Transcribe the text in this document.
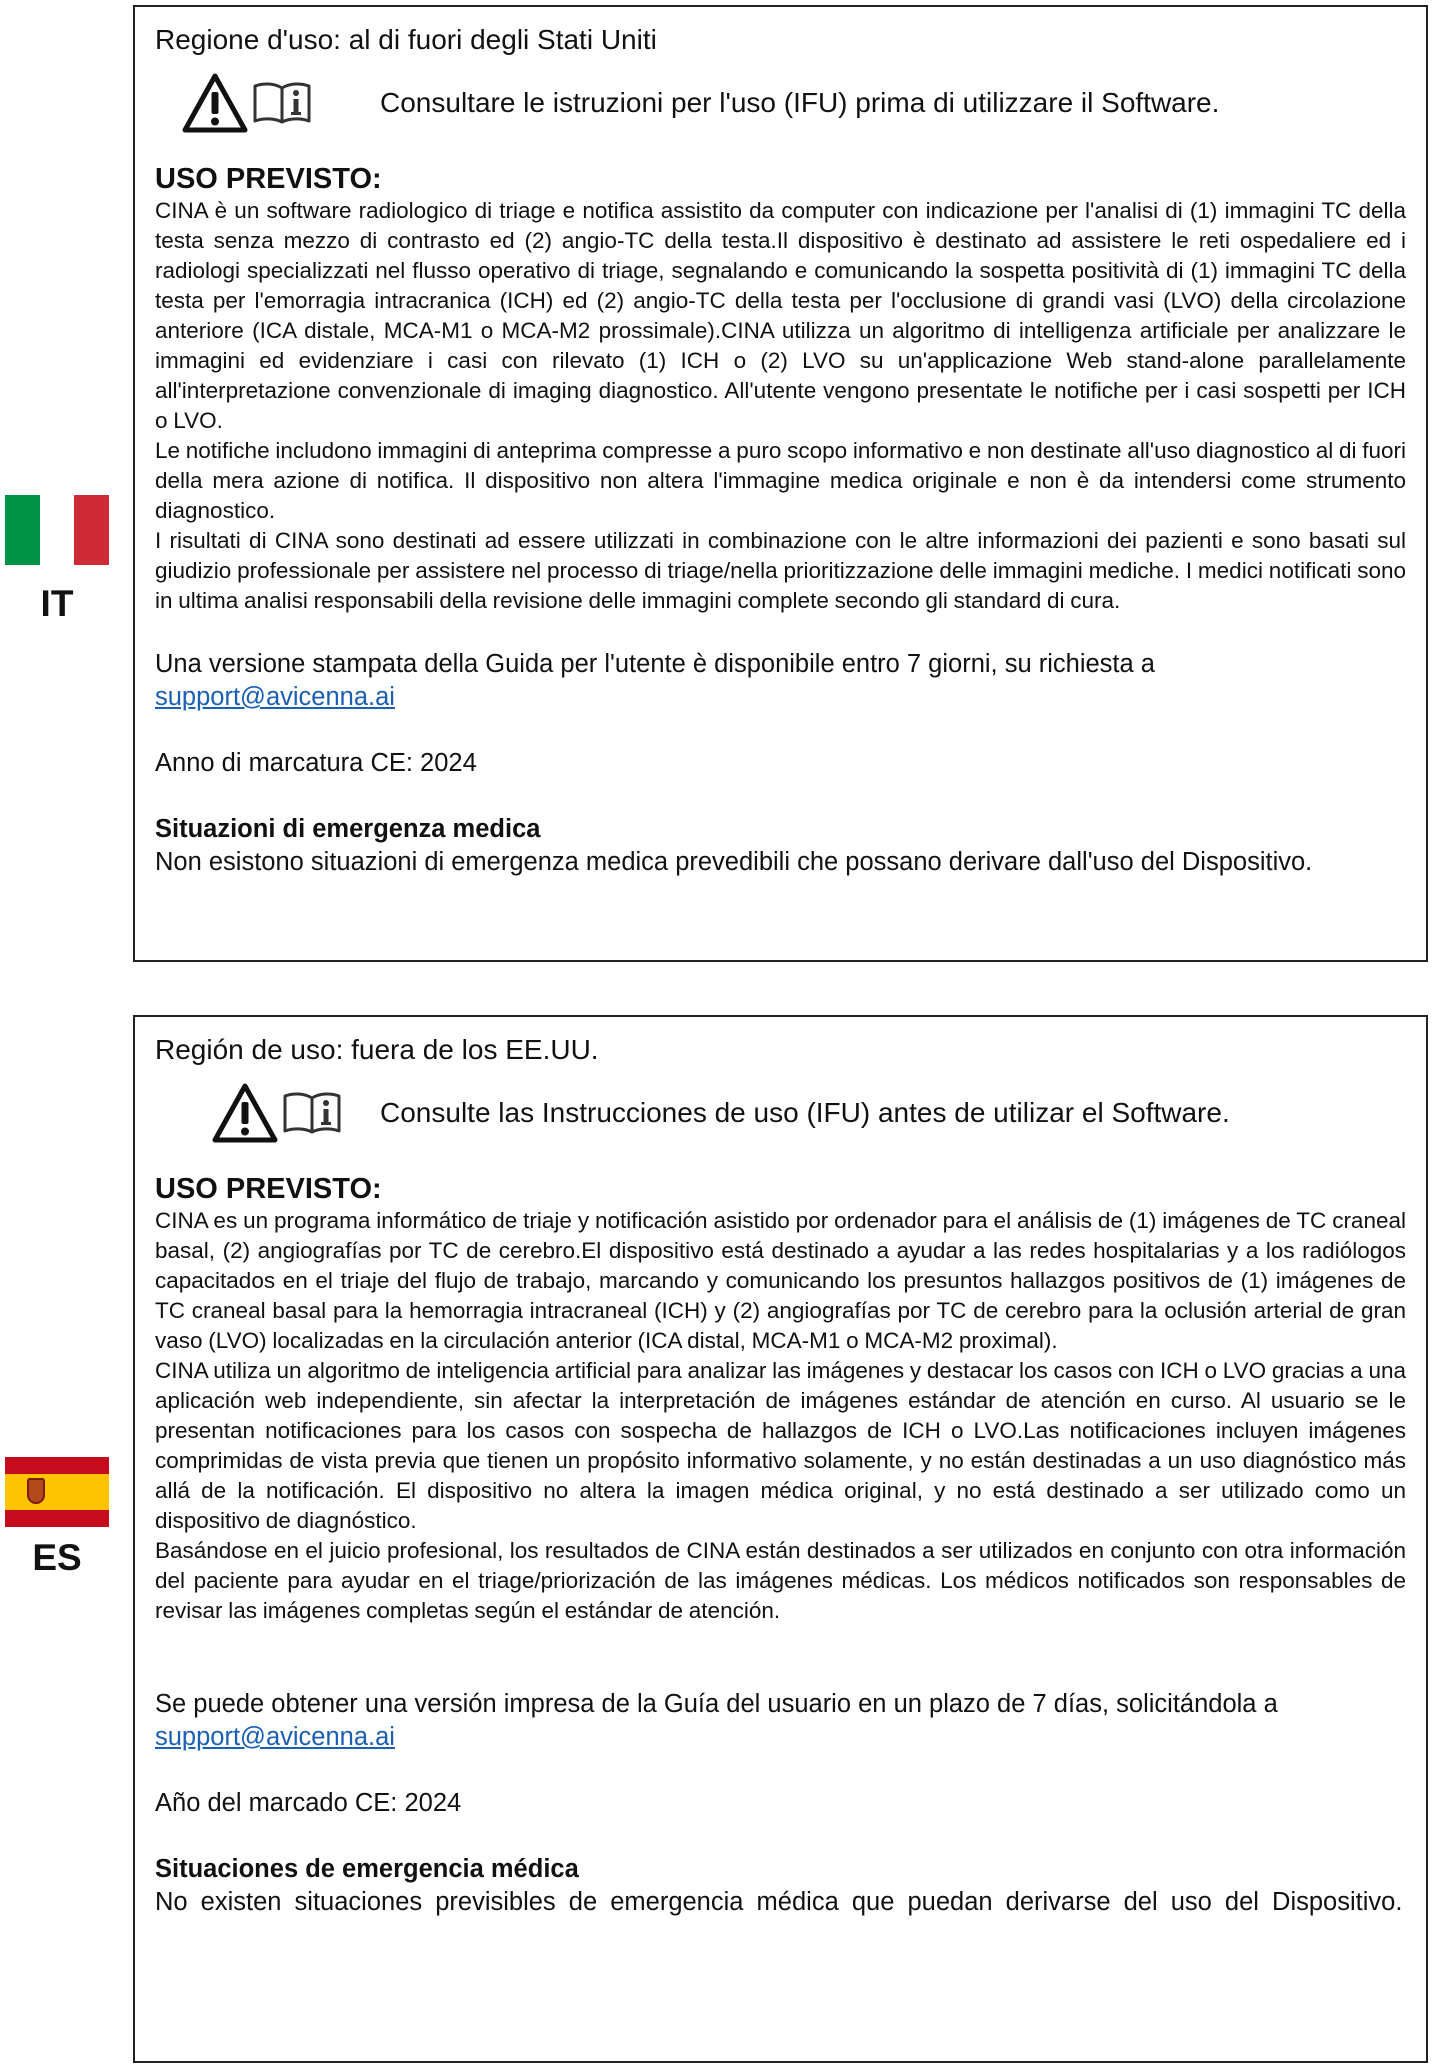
IT
ES

Regione d'uso: al di fuori degli Stati Uniti

Consultare le istruzioni per l'uso (IFU) prima di utilizzare il Software.

USO PREVISTO:

CINA è un software radiologico di triage e notifica assistito da computer con indicazione per l'analisi di (1) immagini TC della testa senza mezzo di contrasto ed (2) angio-TC della testa.Il dispositivo è destinato ad assistere le reti ospedaliere ed i radiologi specializzati nel flusso operativo di triage, segnalando e comunicando la sospetta positività di (1) immagini TC della testa per l'emorragia intracranica (ICH) ed (2) angio-TC della testa per l'occlusione di grandi vasi (LVO) della circolazione anteriore (ICA distale, MCA-M1 o MCA-M2 prossimale).CINA utilizza un algoritmo di intelligenza artificiale per analizzare le immagini ed evidenziare i casi con rilevato (1) ICH o (2) LVO su un'applicazione Web stand-alone parallelamente all'interpretazione convenzionale di imaging diagnostico. All'utente vengono presentate le notifiche per i casi sospetti per ICH o LVO.

Le notifiche includono immagini di anteprima compresse a puro scopo informativo e non destinate all'uso diagnostico al di fuori della mera azione di notifica. Il dispositivo non altera l'immagine medica originale e non è da intendersi come strumento diagnostico.

I risultati di CINA sono destinati ad essere utilizzati in combinazione con le altre informazioni dei pazienti e sono basati sul giudizio professionale per assistere nel processo di triage/nella prioritizzazione delle immagini mediche. I medici notificati sono in ultima analisi responsabili della revisione delle immagini complete secondo gli standard di cura.

Una versione stampata della Guida per l'utente è disponibile entro 7 giorni, su richiesta a

support@avicenna.ai

Anno di marcatura CE: 2024

Situazioni di emergenza medica

Non esistono situazioni di emergenza medica prevedibili che possano derivare dall'uso del Dispositivo.

Región de uso: fuera de los EE.UU.

Consulte las Instrucciones de uso (IFU) antes de utilizar el Software.

USO PREVISTO:

CINA es un programa informático de triaje y notificación asistido por ordenador para el análisis de (1) imágenes de TC craneal basal, (2) angiografías por TC de cerebro.El dispositivo está destinado a ayudar a las redes hospitalarias y a los radiólogos capacitados en el triaje del flujo de trabajo, marcando y comunicando los presuntos hallazgos positivos de (1) imágenes de TC craneal basal para la hemorragia intracraneal (ICH) y (2) angiografías por TC de cerebro para la oclusión arterial de gran vaso (LVO) localizadas en la circulación anterior (ICA distal, MCA-M1 o MCA-M2 proximal).

CINA utiliza un algoritmo de inteligencia artificial para analizar las imágenes y destacar los casos con ICH o LVO gracias a una aplicación web independiente, sin afectar la interpretación de imágenes estándar de atención en curso. Al usuario se le presentan notificaciones para los casos con sospecha de hallazgos de ICH o LVO.Las notificaciones incluyen imágenes comprimidas de vista previa que tienen un propósito informativo solamente, y no están destinadas a un uso diagnóstico más allá de la notificación. El dispositivo no altera la imagen médica original, y no está destinado a ser utilizado como un dispositivo de diagnóstico.

Basándose en el juicio profesional, los resultados de CINA están destinados a ser utilizados en conjunto con otra información del paciente para ayudar en el triage/priorización de las imágenes médicas. Los médicos notificados son responsables de revisar las imágenes completas según el estándar de atención.

Se puede obtener una versión impresa de la Guía del usuario en un plazo de 7 días, solicitándola a

support@avicenna.ai

Año del marcado CE: 2024

Situaciones de emergencia médica

No existen situaciones previsibles de emergencia médica que puedan derivarse del uso del Dispositivo.
